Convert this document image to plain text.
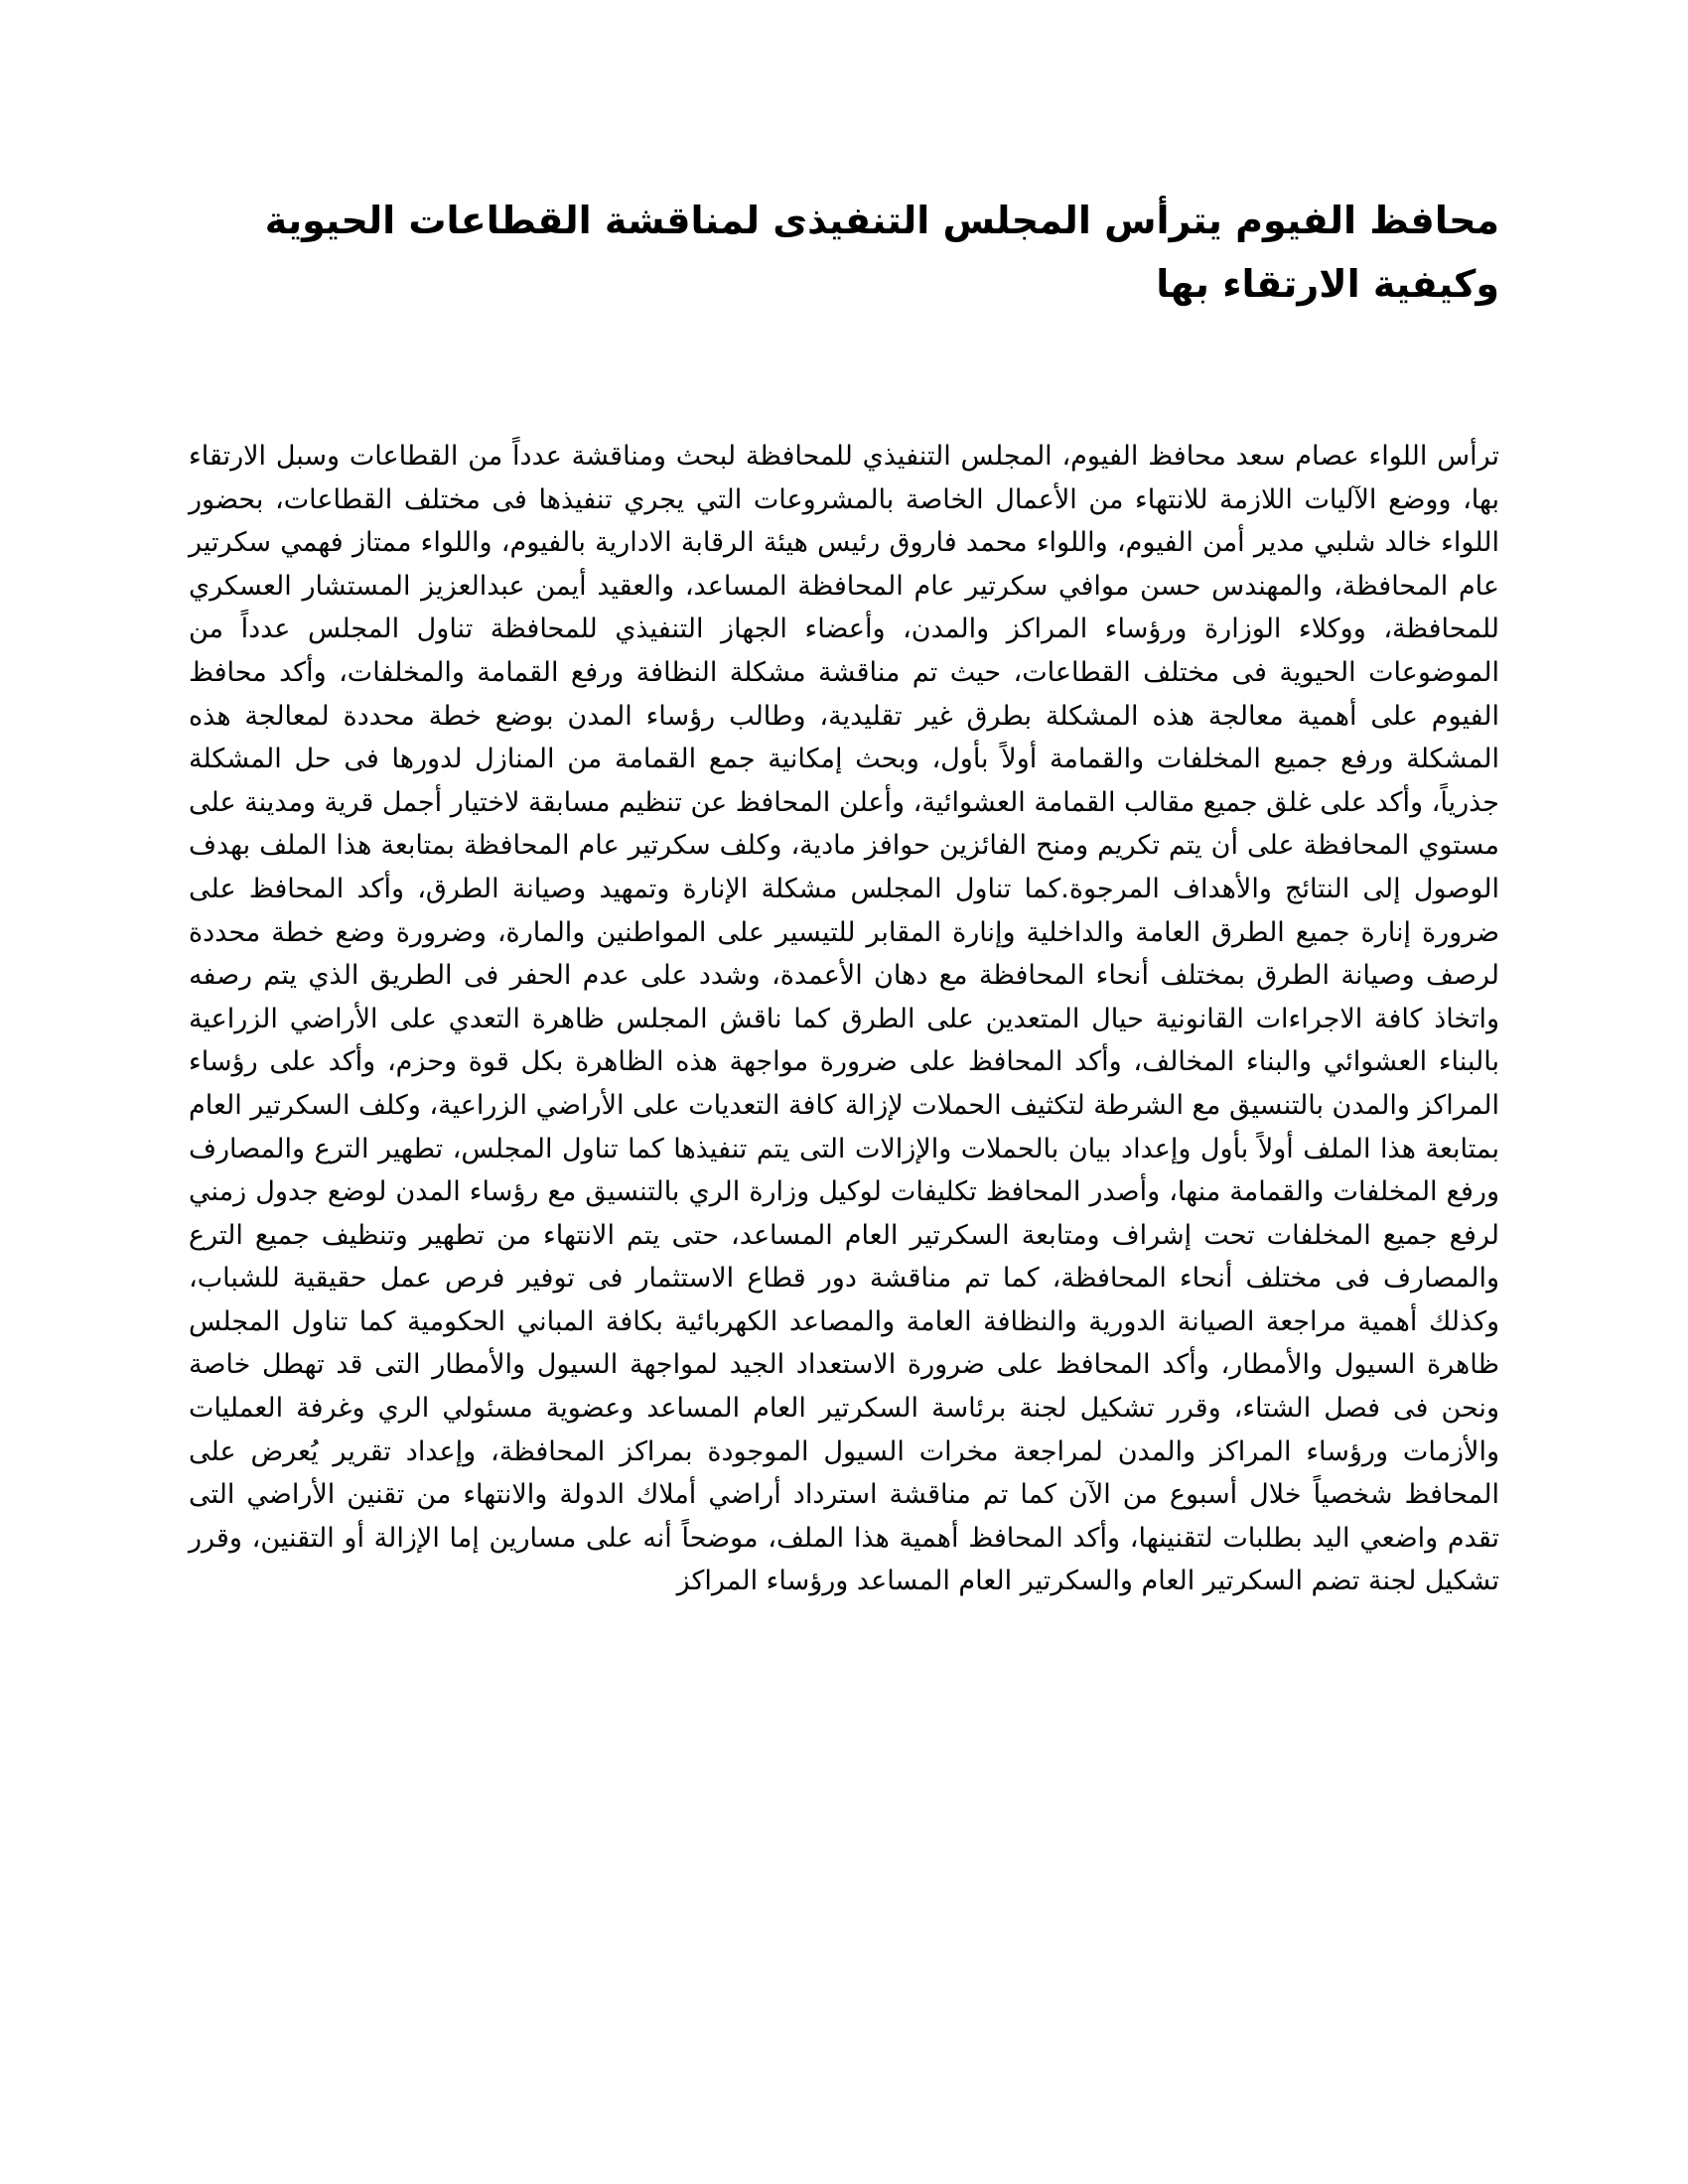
محافظ الفيوم يترأس المجلس التنفيذى لمناقشة القطاعات الحيوية وكيفية الارتقاء بها

ترأس اللواء عصام سعد محافظ الفيوم، المجلس التنفيذي للمحافظة لبحث ومناقشة عدداً من القطاعات وسبل الارتقاء بها، ووضع الآليات اللازمة للانتهاء من الأعمال الخاصة بالمشروعات التي يجري تنفيذها فى مختلف القطاعات، بحضور اللواء خالد شلبي مدير أمن الفيوم، واللواء محمد فاروق رئيس هيئة الرقابة الادارية بالفيوم، واللواء ممتاز فهمي سكرتير عام المحافظة، والمهندس حسن موافي سكرتير عام المحافظة المساعد، والعقيد أيمن عبدالعزيز المستشار العسكري للمحافظة، ووكلاء الوزارة ورؤساء المراكز والمدن، وأعضاء الجهاز التنفيذي للمحافظة تناول المجلس عدداً من الموضوعات الحيوية فى مختلف القطاعات، حيث تم مناقشة مشكلة النظافة ورفع القمامة والمخلفات، وأكد محافظ الفيوم على أهمية معالجة هذه المشكلة بطرق غير تقليدية، وطالب رؤساء المدن بوضع خطة محددة لمعالجة هذه المشكلة ورفع جميع المخلفات والقمامة أولاً بأول، وبحث إمكانية جمع القمامة من المنازل لدورها فى حل المشكلة جذرياً، وأكد على غلق جميع مقالب القمامة العشوائية، وأعلن المحافظ عن تنظيم مسابقة لاختيار أجمل قرية ومدينة على مستوي المحافظة على أن يتم تكريم ومنح الفائزين حوافز مادية، وكلف سكرتير عام المحافظة بمتابعة هذا الملف بهدف الوصول إلى النتائج والأهداف المرجوة.كما تناول المجلس مشكلة الإنارة وتمهيد وصيانة الطرق، وأكد المحافظ على ضرورة إنارة جميع الطرق العامة والداخلية وإنارة المقابر للتيسير على المواطنين والمارة، وضرورة وضع خطة محددة لرصف وصيانة الطرق بمختلف أنحاء المحافظة مع دهان الأعمدة، وشدد على عدم الحفر فى الطريق الذي يتم رصفه واتخاذ كافة الاجراءات القانونية حيال المتعدين على الطرق كما ناقش المجلس ظاهرة التعدي على الأراضي الزراعية بالبناء العشوائي والبناء المخالف، وأكد المحافظ على ضرورة مواجهة هذه الظاهرة بكل قوة وحزم، وأكد على رؤساء المراكز والمدن بالتنسيق مع الشرطة لتكثيف الحملات لإزالة كافة التعديات على الأراضي الزراعية، وكلف السكرتير العام بمتابعة هذا الملف أولاً بأول وإعداد بيان بالحملات والإزالات التى يتم تنفيذها كما تناول المجلس، تطهير الترع والمصارف ورفع المخلفات والقمامة منها، وأصدر المحافظ تكليفات لوكيل وزارة الري بالتنسيق مع رؤساء المدن لوضع جدول زمني لرفع جميع المخلفات تحت إشراف ومتابعة السكرتير العام المساعد، حتى يتم الانتهاء من تطهير وتنظيف جميع الترع والمصارف فى مختلف أنحاء المحافظة، كما تم مناقشة دور قطاع الاستثمار فى توفير فرص عمل حقيقية للشباب، وكذلك أهمية مراجعة الصيانة الدورية والنظافة العامة والمصاعد الكهربائية بكافة المباني الحكومية كما تناول المجلس ظاهرة السيول والأمطار، وأكد المحافظ على ضرورة الاستعداد الجيد لمواجهة السيول والأمطار التى قد تهطل خاصة ونحن فى فصل الشتاء، وقرر تشكيل لجنة برئاسة السكرتير العام المساعد وعضوية مسئولي الري وغرفة العمليات والأزمات ورؤساء المراكز والمدن لمراجعة مخرات السيول الموجودة بمراكز المحافظة، وإعداد تقرير يُعرض على المحافظ شخصياً خلال أسبوع من الآن كما تم مناقشة استرداد أراضي أملاك الدولة والانتهاء من تقنين الأراضي التى تقدم واضعي اليد بطلبات لتقنينها، وأكد المحافظ أهمية هذا الملف، موضحاً أنه على مسارين إما الإزالة أو التقنين، وقرر تشكيل لجنة تضم السكرتير العام والسكرتير العام المساعد ورؤساء المراكز
